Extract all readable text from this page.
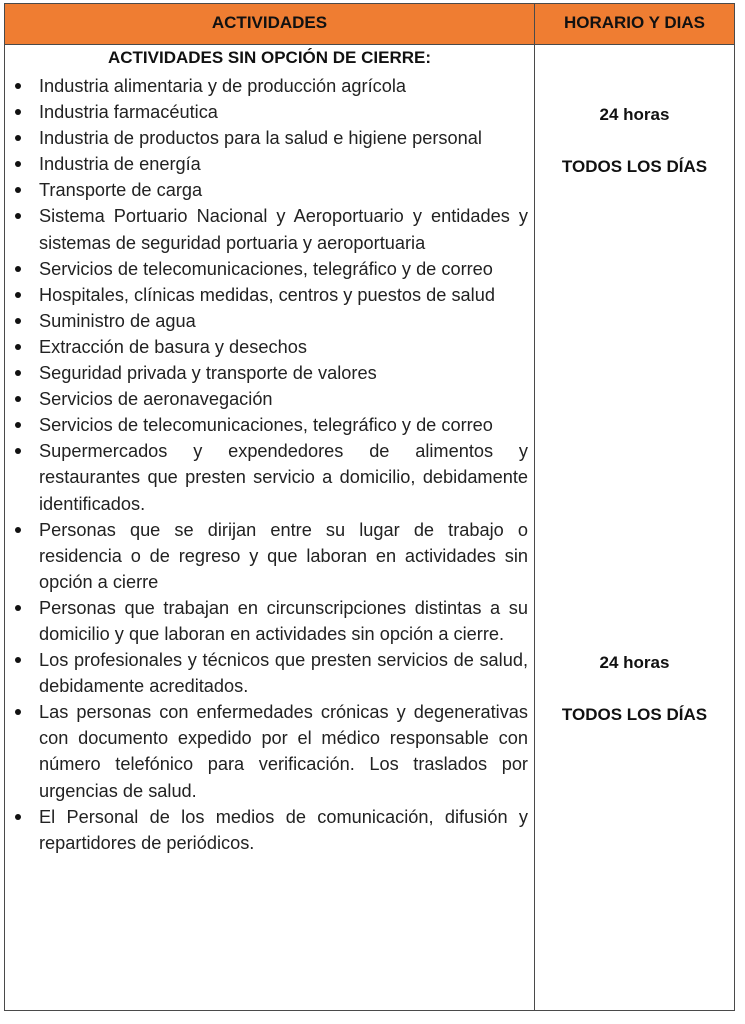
ACTIVIDADES	HORARIO Y DIAS
ACTIVIDADES SIN OPCIÓN DE CIERRE:
Industria alimentaria y de producción agrícola
Industria farmacéutica
Industria de productos para la salud e higiene personal
Industria de energía
Transporte de carga
Sistema Portuario Nacional y Aeroportuario y entidades y sistemas de seguridad portuaria y aeroportuaria
Servicios de telecomunicaciones, telegráfico y de correo
Hospitales, clínicas medidas, centros y puestos de salud
Suministro de agua
Extracción de basura y desechos
Seguridad privada y transporte de valores
Servicios de aeronavegación
Servicios de telecomunicaciones, telegráfico y de correo
Supermercados y expendedores de alimentos y restaurantes que presten servicio a domicilio, debidamente identificados.
Personas que se dirijan entre su lugar de trabajo o residencia o de regreso y que laboran en actividades sin opción a cierre
Personas que trabajan en circunscripciones distintas a su domicilio y que laboran en actividades sin opción a cierre.
Los profesionales y técnicos que presten servicios de salud, debidamente acreditados.
Las personas con enfermedades crónicas y degenerativas con documento expedido por el médico responsable con número telefónico para verificación. Los traslados por urgencias de salud.
El Personal de los medios de comunicación, difusión y repartidores de periódicos.
24 horas
TODOS LOS DÍAS
24 horas
TODOS LOS DÍAS
